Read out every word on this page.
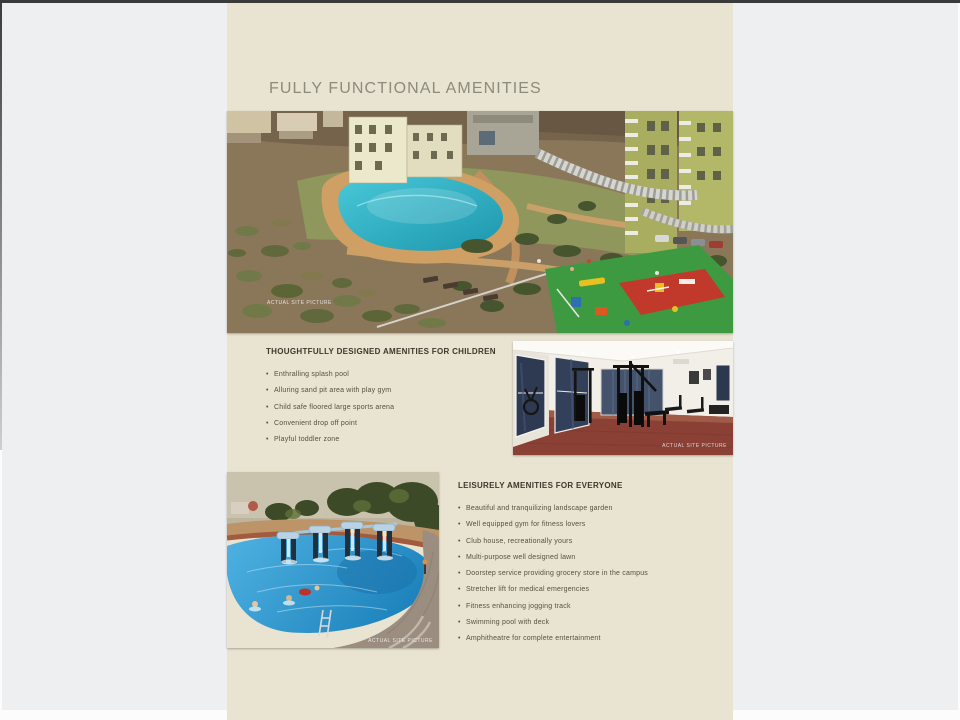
FULLY FUNCTIONAL AMENITIES
ACTUAL SITE PICTURE
THOUGHTFULLY DESIGNED AMENITIES FOR CHILDREN
• Enthralling splash pool
• Alluring sand pit area with play gym
• Child safe floored large sports arena
• Convenient drop off point
• Playful toddler zone
ACTUAL SITE PICTURE
ACTUAL SITE PICTURE
LEISURELY AMENITIES FOR EVERYONE
• Beautiful and tranquilizing landscape garden
• Well equipped gym for fitness lovers
• Club house, recreationally yours
• Multi-purpose well designed lawn
• Doorstep service providing grocery store in the campus
• Stretcher lift for medical emergencies
• Fitness enhancing jogging track
• Swimming pool with deck
• Amphitheatre for complete entertainment
